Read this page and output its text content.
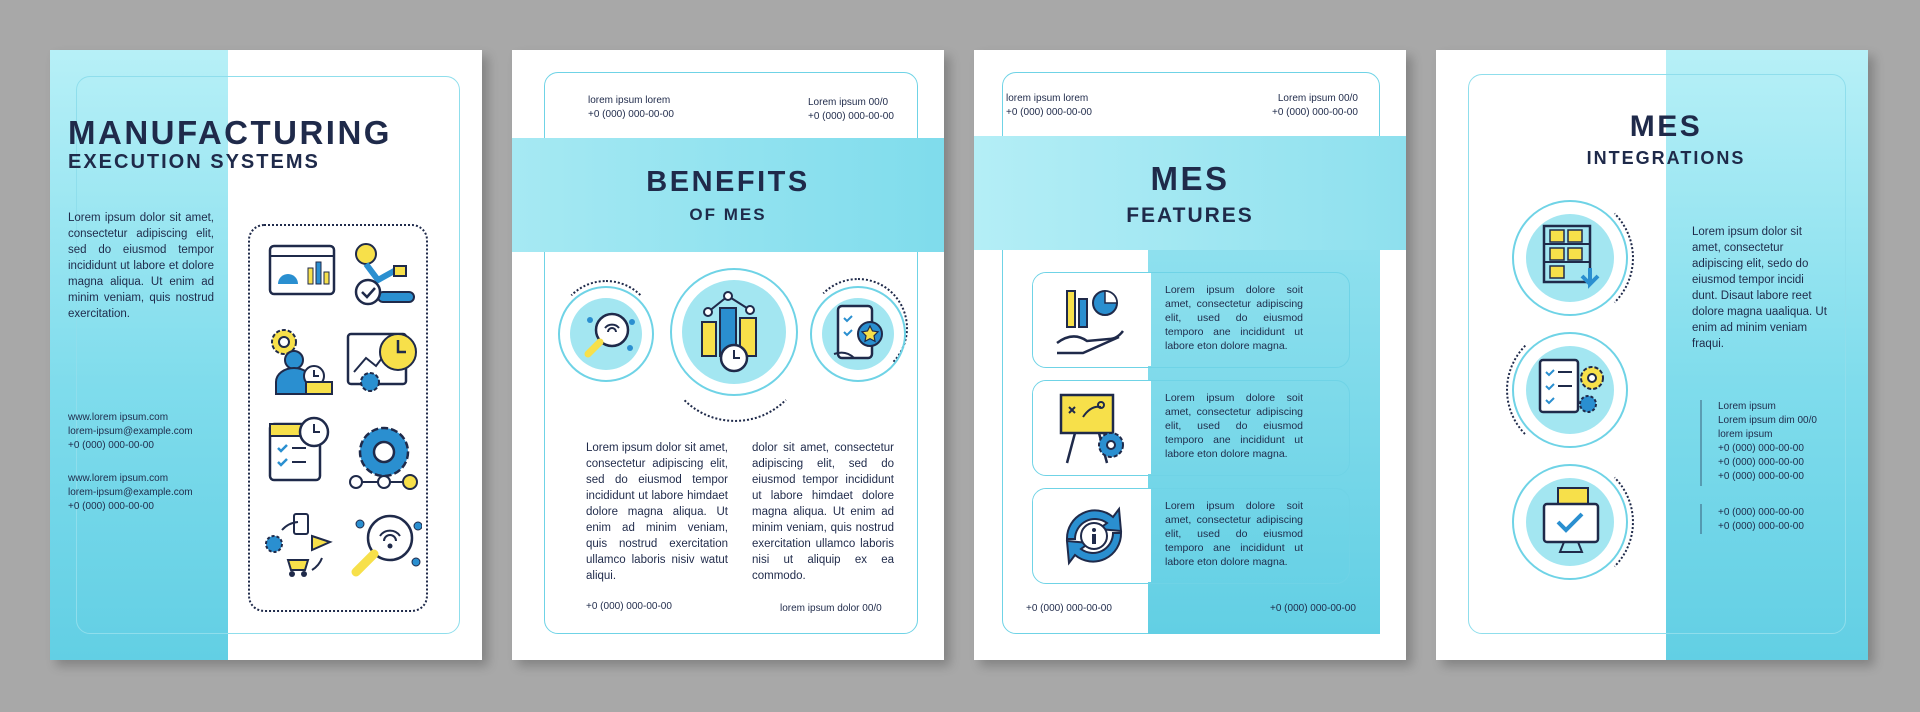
MANUFACTURING
EXECUTION SYSTEMS
Lorem ipsum dolor sit amet, consectetur adipiscing elit, sed do eiusmod tempor incididunt ut labore et dolore magna aliqua. Ut enim ad minim veniam, quis nostrud exercitation.
www.lorem ipsum.com
lorem-ipsum@example.com
+0 (000) 000-00-00
www.lorem ipsum.com
lorem-ipsum@example.com
+0 (000) 000-00-00
lorem ipsum lorem
+0 (000) 000-00-00
Lorem ipsum 00/0
+0 (000) 000-00-00
BENEFITS
OF MES
Lorem ipsum dolor sit amet, consectetur adipiscing elit, sed do eiusmod tempor incididunt ut labore himdaet dolore magna aliqua. Ut enim ad minim veniam, quis nostrud exercitation ullamco laboris nisiv watut aliqui.
dolor sit amet, consectetur adipiscing elit, sed do eiusmod tempor incididunt ut labore himdaet dolore magna aliqua. Ut enim ad minim veniam, quis nostrud exercitation ullamco laboris nisi ut aliquip ex ea commodo.
+0 (000) 000-00-00	lorem ipsum dolor 00/0
lorem ipsum lorem
+0 (000) 000-00-00
Lorem ipsum 00/0
+0 (000) 000-00-00
MES
FEATURES
Lorem ipsum dolore soit amet, consectetur adipiscing elit, used do eiusmod temporo ane incididunt ut labore eton dolore magna.
Lorem ipsum dolore soit amet, consectetur adipiscing elit, used do eiusmod temporo ane incididunt ut labore eton dolore magna.
Lorem ipsum dolore soit amet, consectetur adipiscing elit, used do eiusmod temporo ane incididunt ut labore eton dolore magna.
+0 (000) 000-00-00	+0 (000) 000-00-00
MES
INTEGRATIONS
Lorem ipsum dolor sit amet, consectetur adipiscing elit, sedo do eiusmod tempor incidi dunt. Disaut labore reet dolore magna uaaliqua. Ut enim ad minim veniam fraqui.
Lorem ipsum
Lorem ipsum dim 00/0
lorem ipsum
+0 (000) 000-00-00
+0 (000) 000-00-00
+0 (000) 000-00-00
+0 (000) 000-00-00
+0 (000) 000-00-00
